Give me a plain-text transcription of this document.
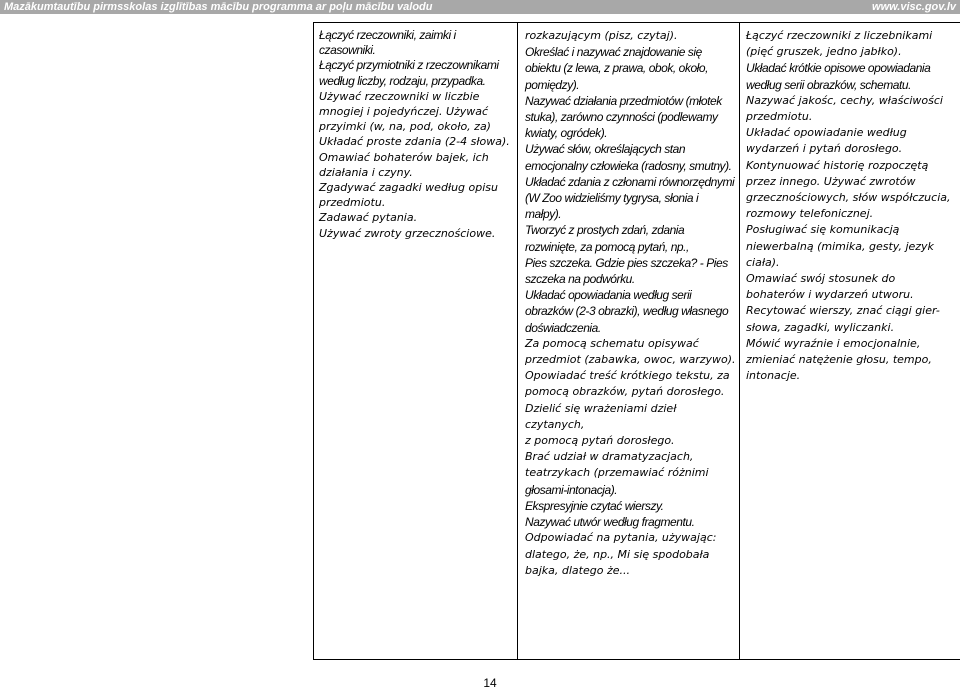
Mazākumtautību pirmsskolas izglītības mācību programma ar poļu mācību valodu	www.visc.gov.lv
Łączyć rzeczowniki, zaimki i czasowniki.
Łączyć przymiotniki z rzeczownikami
według liczby, rodzaju, przypadka.
Używać rzeczowniki w liczbie
mnogiej i pojedyńczej. Używać
przyimki (w, na, pod, około, za)
Układać proste zdania (2-4 słowa).
Omawiać bohaterów bajek, ich
działania i czyny.
Zgadywać zagadki według opisu
przedmiotu.
Zadawać pytania.
Używać zwroty grzecznościowe.
rozkazującym (pisz, czytaj).
Określać i nazywać znajdowanie się
obiektu (z lewa, z prawa, obok, około,
pomiędzy).
Nazywać działania przedmiotów (młotek
stuka), zarówno czynności (podlewamy
kwiaty, ogródek).
Używać słów, określających stan
emocjonalny człowieka (radosny, smutny).
Układać zdania z członami równorzędnymi
(W Zoo widzieliśmy tygrysa, słonia i
małpy).
Tworzyć z prostych zdań, zdania
rozwinięte, za pomocą pytań, np.,
Pies szczeka. Gdzie pies szczeka? - Pies
szczeka na podwórku.
Układać opowiadania według serii
obrazków (2-3 obrazki), według własnego
doświadczenia.
Za pomocą schematu opisywać
przedmiot (zabawka, owoc, warzywo).
Opowiadać treść krótkiego tekstu, za
pomocą obrazków, pytań dorosłego.
Dzielić się wrażeniami dzieł czytanych,
z pomocą pytań dorosłego.
Brać udział w dramatyzacjach,
teatrzykach (przemawiać różnimi
głosami-intonacja).
Ekspresyjnie czytać wierszy.
Nazywać utwór według fragmentu.
Odpowiadać na pytania, używając:
dlatego, że, np., Mi się spodobała
bajka, dlatego że...
Łączyć rzeczowniki z liczebnikami
(pięć gruszek, jedno jabłko).
Układać krótkie opisowe opowiadania
według serii obrazków, schematu.
Nazywać jakośc, cechy, właściwości
przedmiotu.
Układać opowiadanie według
wydarzeń i pytań dorosłego.
Kontynuować historię rozpoczętą
przez innego. Używać zwrotów
grzecznościowych, słów współczucia,
rozmowy telefonicznej.
Posługiwać się komunikacją
niewerbalną (mimika, gesty, jezyk
ciała).
Omawiać swój stosunek do
bohaterów i wydarzeń utworu.
Recytować wierszy, znać ciągi gier-
słowa, zagadki, wyliczanki.
Mówić wyraźnie i emocjonalnie,
zmieniać natężenie głosu, tempo,
intonacje.
14
